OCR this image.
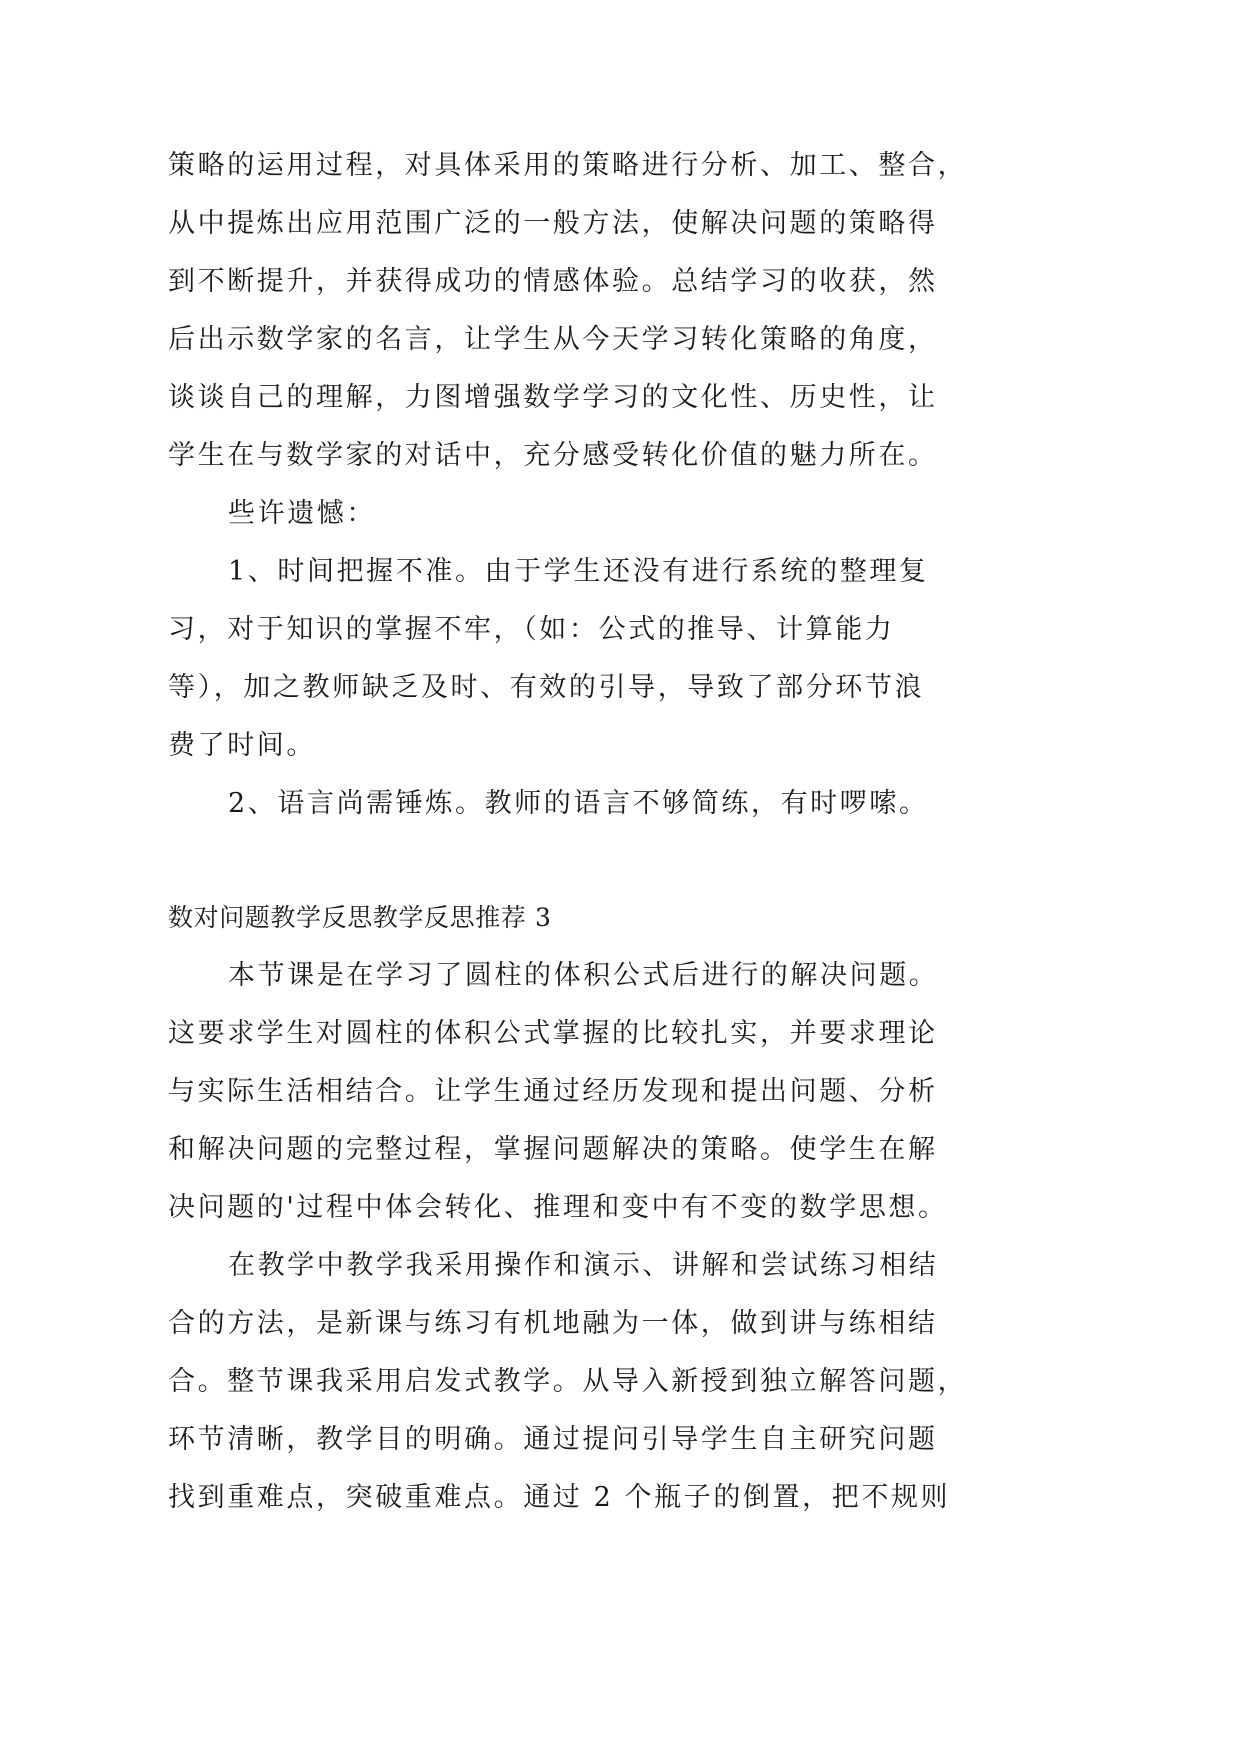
策略的运用过程，对具体采用的策略进行分析、加工、整合，
从中提炼出应用范围广泛的一般方法，使解决问题的策略得
到不断提升，并获得成功的情感体验。总结学习的收获，然
后出示数学家的名言，让学生从今天学习转化策略的角度，
谈谈自己的理解，力图增强数学学习的文化性、历史性，让
学生在与数学家的对话中，充分感受转化价值的魅力所在。
些许遗憾：
1、时间把握不准。由于学生还没有进行系统的整理复
习，对于知识的掌握不牢，（如：公式的推导、计算能力
等），加之教师缺乏及时、有效的引导，导致了部分环节浪
费了时间。
2、语言尚需锤炼。教师的语言不够简练，有时啰嗦。
数对问题教学反思教学反思推荐 3
本节课是在学习了圆柱的体积公式后进行的解决问题。
这要求学生对圆柱的体积公式掌握的比较扎实，并要求理论
与实际生活相结合。让学生通过经历发现和提出问题、分析
和解决问题的完整过程，掌握问题解决的策略。使学生在解
决问题的'过程中体会转化、推理和变中有不变的数学思想。
在教学中教学我采用操作和演示、讲解和尝试练习相结
合的方法，是新课与练习有机地融为一体，做到讲与练相结
合。整节课我采用启发式教学。从导入新授到独立解答问题，
环节清晰，教学目的明确。通过提问引导学生自主研究问题
找到重难点，突破重难点。通过 2 个瓶子的倒置，把不规则
